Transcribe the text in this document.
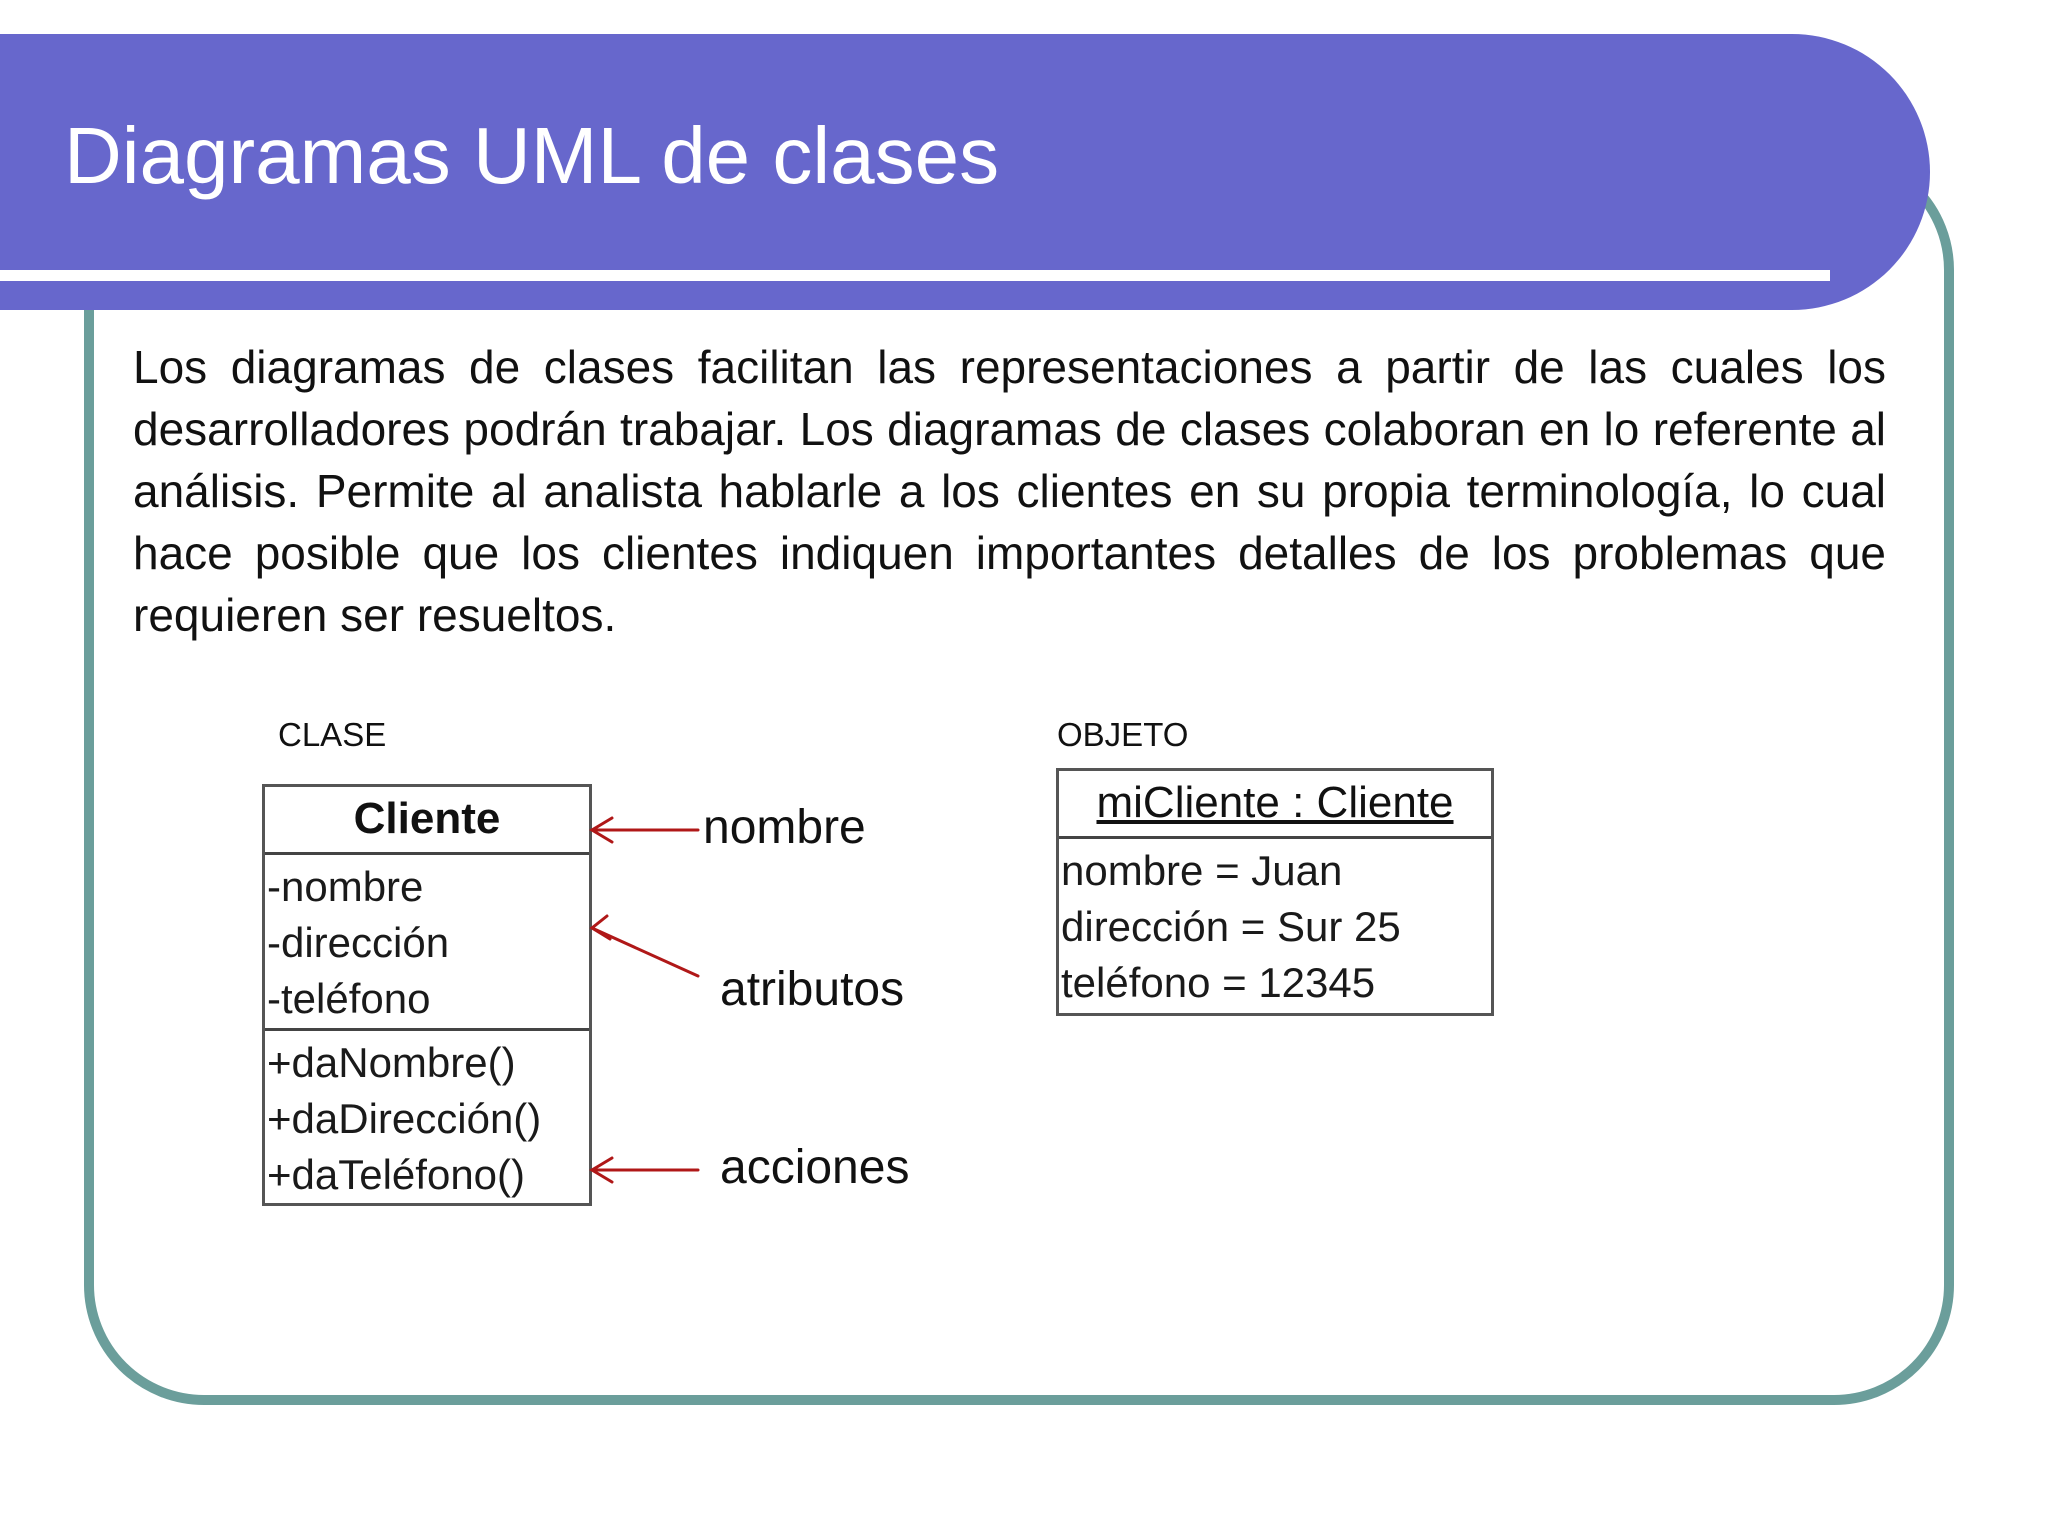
Diagramas UML de clases

Los diagramas de clases facilitan las representaciones a partir de las cuales los desarrolladores podrán trabajar. Los diagramas de clases colaboran en lo referente al análisis. Permite al analista hablarle a los clientes en su propia terminología, lo cual hace posible que los clientes indiquen importantes detalles de los problemas que requieren ser resueltos.

CLASE
Cliente
-nombre
-dirección
-teléfono
+daNombre()
+daDirección()
+daTeléfono()
nombre
atributos
acciones
OBJETO
miCliente : Cliente
nombre = Juan
dirección = Sur 25
teléfono = 12345
